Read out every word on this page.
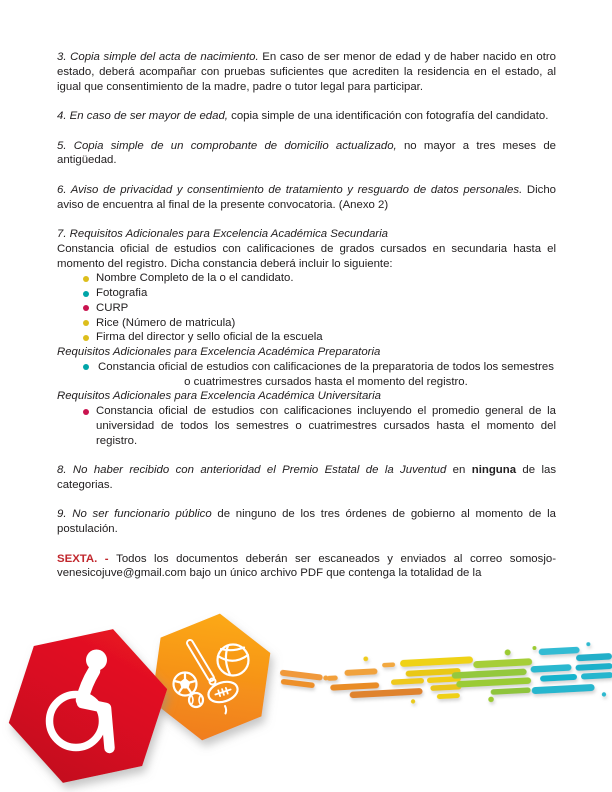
3. Copia simple del acta de nacimiento. En caso de ser menor de edad y de haber nacido en otro estado, deberá acompañar con pruebas suficientes que acrediten la residencia en el estado, al igual que consentimiento de la madre, padre o tutor legal para participar.
4. En caso de ser mayor de edad, copia simple de una identificación con fotografía del candidato.
5. Copia simple de un comprobante de domicilio actualizado, no mayor a tres meses de antigüedad.
6. Aviso de privacidad y consentimiento de tratamiento y resguardo de datos personales. Dicho aviso de encuentra al final de la presente convocatoria. (Anexo 2)
7. Requisitos Adicionales para Excelencia Académica Secundaria
Constancia oficial de estudios con calificaciones de grados cursados en secundaria hasta el momento del registro. Dicha constancia deberá incluir lo siguiente:
Nombre Completo de la o el candidato.
Fotografia
CURP
Rice (Número de matricula)
Firma del director y sello oficial de la escuela
Requisitos Adicionales para Excelencia Académica Preparatoria
Constancia oficial de estudios con calificaciones de la preparatoria de todos los semestres o cuatrimestres cursados hasta el momento del registro.
Requisitos Adicionales para Excelencia Académica Universitaria
Constancia oficial de estudios con calificaciones incluyendo el promedio general de la universidad de todos los semestres o cuatrimestres cursados hasta el momento del registro.
8. No haber recibido con anterioridad el Premio Estatal de la Juventud en ninguna de las categorias.
9. No ser funcionario público de ninguno de los tres órdenes de gobierno al momento de la postulación.
SEXTA. - Todos los documentos deberán ser escaneados y enviados al correo somosjo-venesicojuve@gmail.com bajo un único archivo PDF que contenga la totalidad de la
